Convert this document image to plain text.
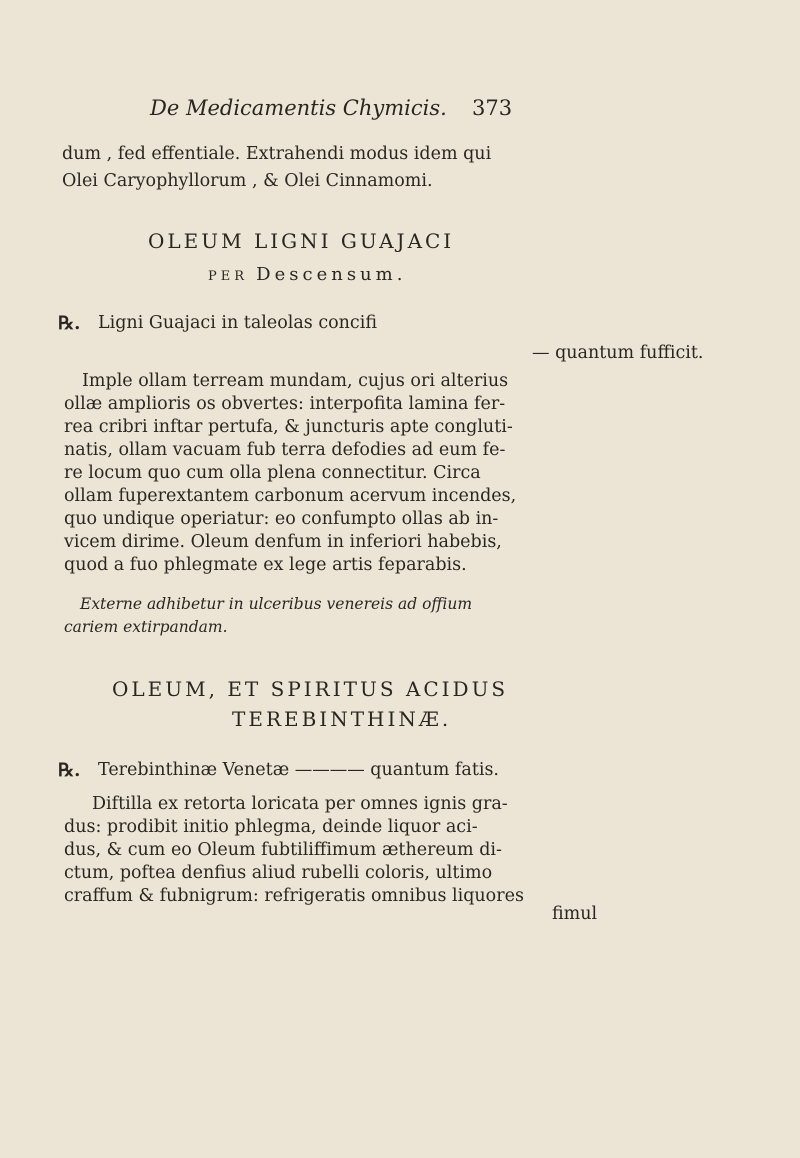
De Medicamentis Chymicis. 373
dum , fed effentiale. Extrahendi modus idem qui
Olei Caryophyllorum , & Olei Cinnamomi.
OLEUM LIGNI GUAJACI
PER Descensum.
℞. Ligni Guajaci in taleolas concifi
— quantum fufficit.
Imple ollam terream mundam, cujus ori alterius
ollæ amplioris os obvertes: interpofita lamina fer-
rea cribri inftar pertufa, & juncturis apte congluti-
natis, ollam vacuam fub terra defodies ad eum fe-
re locum quo cum olla plena connectitur. Circa
ollam fuperextantem carbonum acervum incendes,
quo undique operiatur: eo confumpto ollas ab in-
vicem dirime. Oleum denfum in inferiori habebis,
quod a fuo phlegmate ex lege artis feparabis.
Externe adhibetur in ulceribus venereis ad offium
cariem extirpandam.
OLEUM, ET SPIRITUS ACIDUS
TEREBINTHINÆ.
℞. Terebinthinæ Venetæ ———— quantum fatis.
Diftilla ex retorta loricata per omnes ignis gra-
dus: prodibit initio phlegma, deinde liquor aci-
dus, & cum eo Oleum fubtiliffimum æthereum di-
ctum, poftea denfius aliud rubelli coloris, ultimo
craffum & fubnigrum: refrigeratis omnibus liquores
fimul
